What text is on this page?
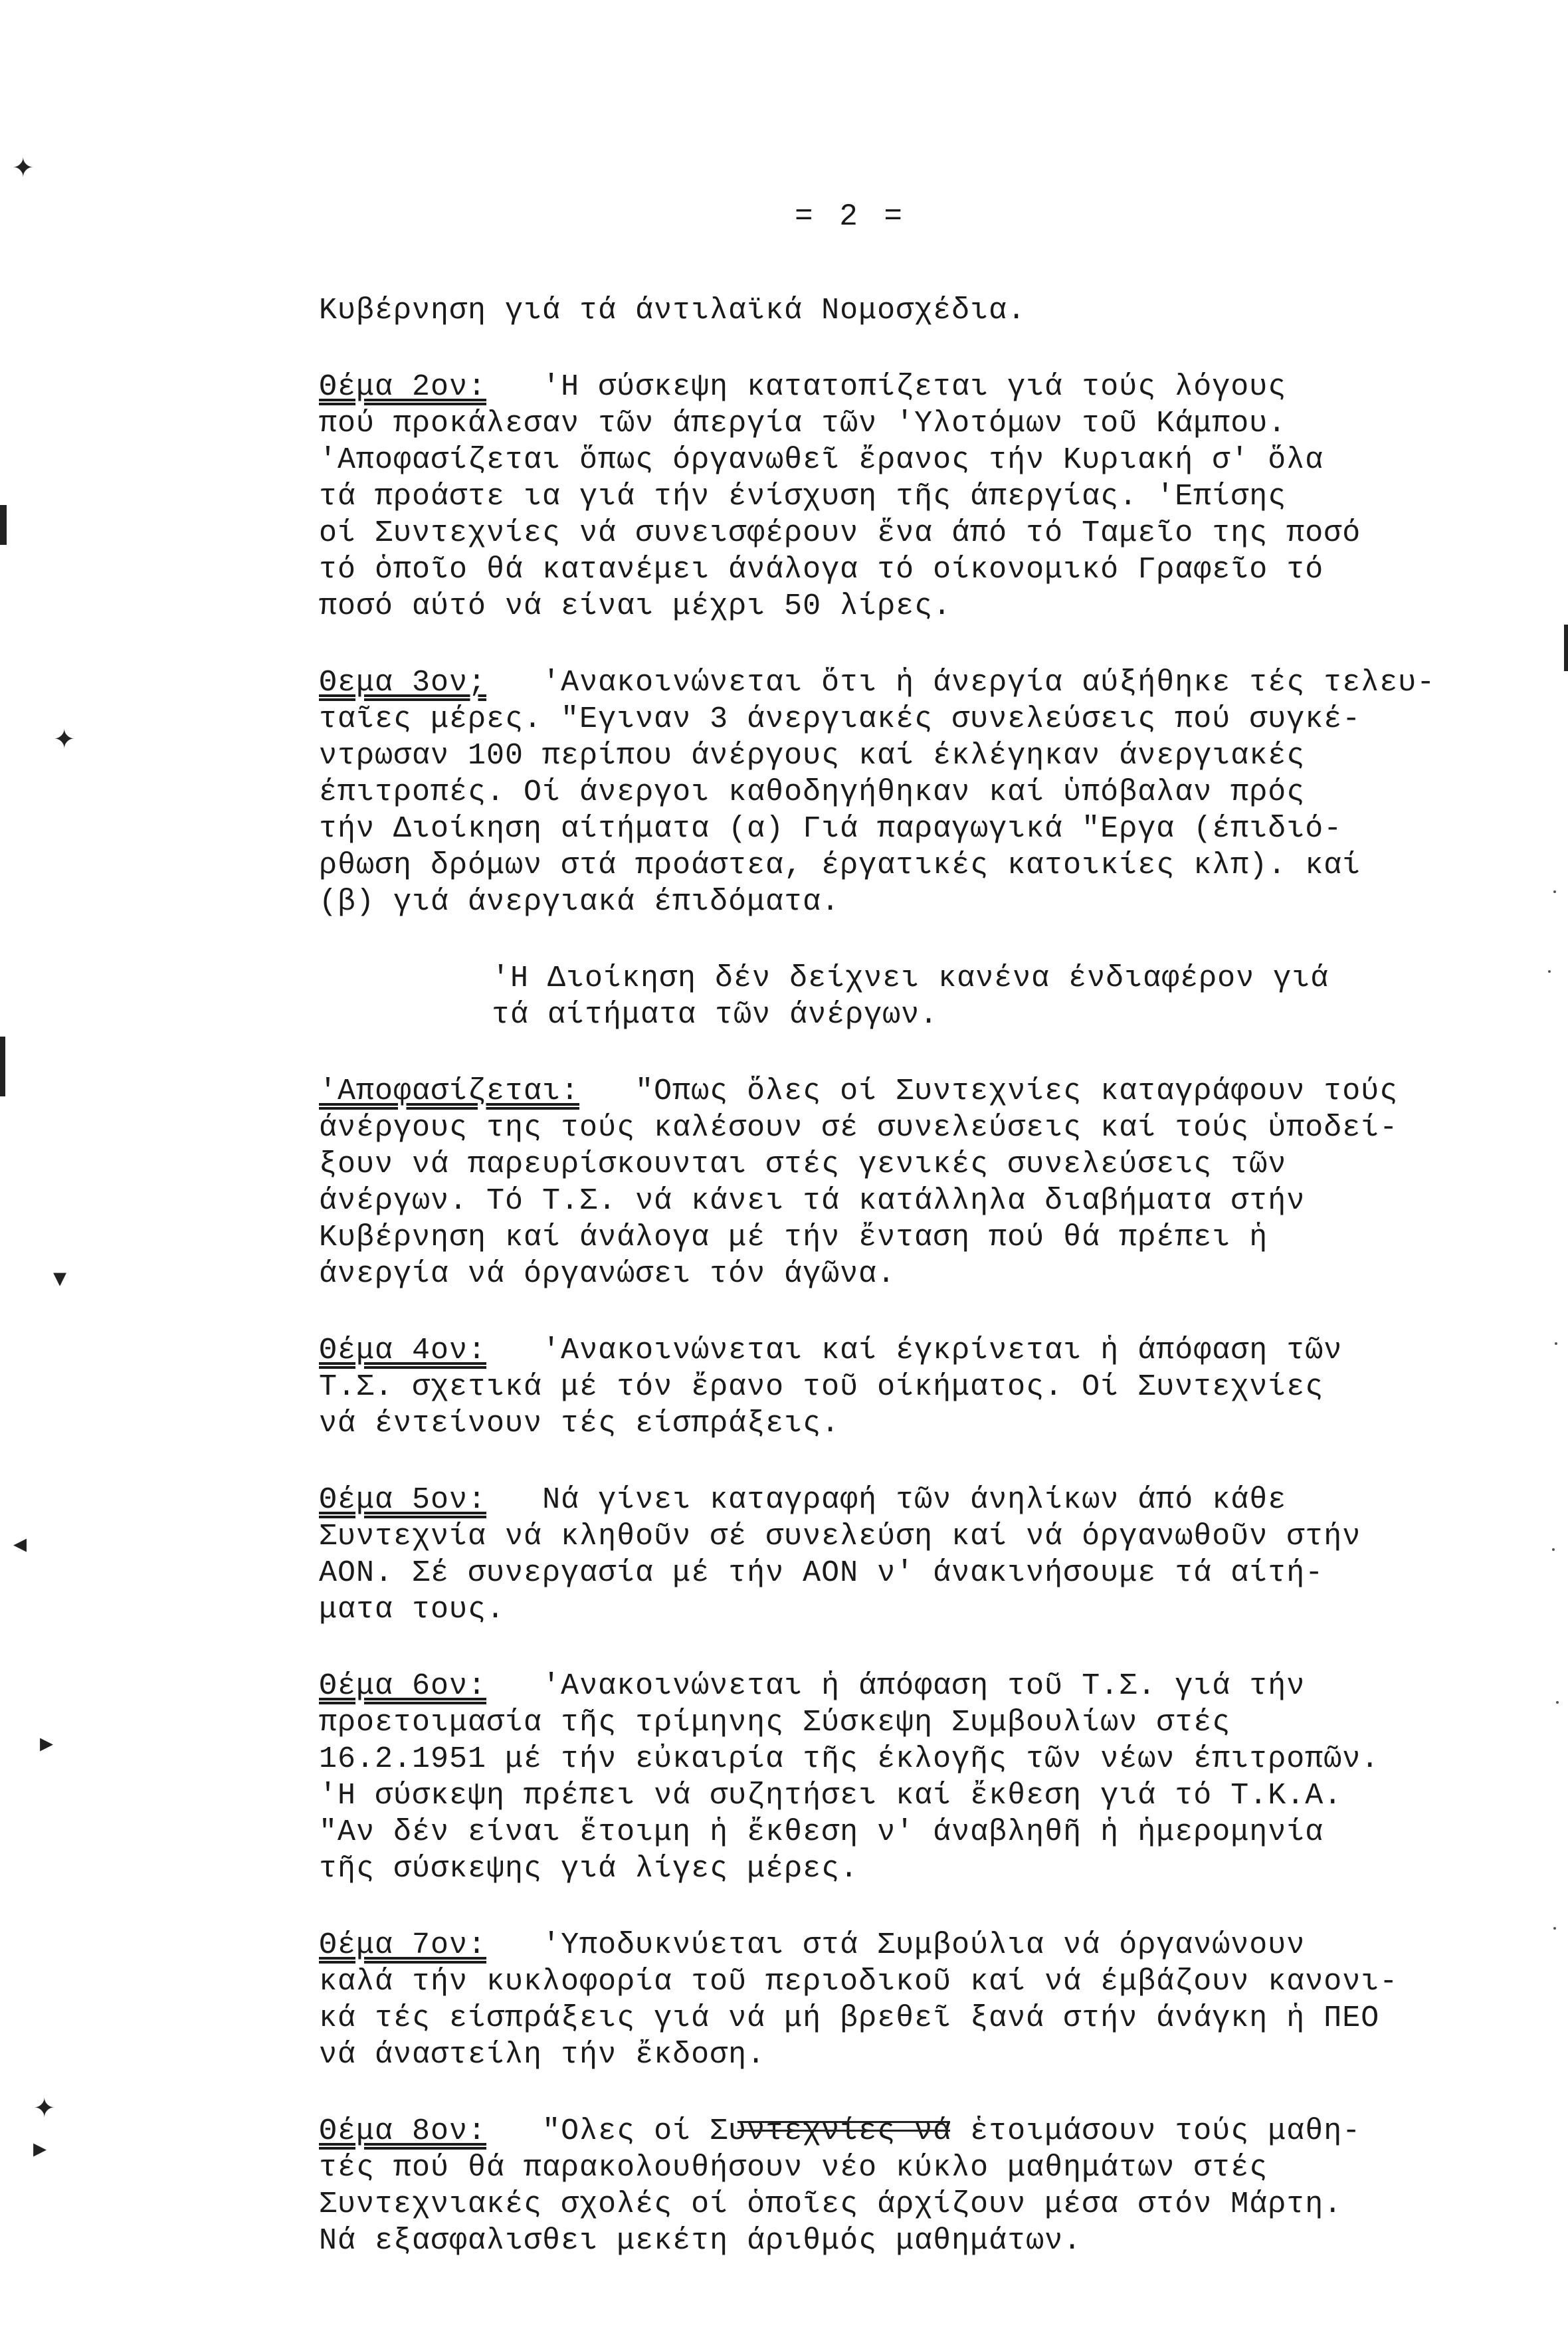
= 2 =

Κυβέρνηση γιά τά άντιλαϊκά Νομοσχέδια.

Θέμα 2ον: 'Η σύσκεψη κατατοπίζεται γιά τούς λόγους
πού προκάλεσαν τῶν άπεργία τῶν 'Υλοτόμων τοῦ Κάμπου.
'Αποφασίζεται ὅπως όργανωθεῖ ἔρανος τήν Κυριακή σ' ὅλα
τά προάστε ια γιά τήν ένίσχυση τῆς άπεργίας. 'Επίσης
οί Συντεχνίες νά συνεισφέρουν ἕνα άπό τό Ταμεῖο της ποσό
τό ὁποῖο θά κατανέμει άνάλογα τό οίκονομικό Γραφεῖο τό
ποσό αύτό νά είναι μέχρι 50 λίρες.

Θεμα 3ον; 'Ανακοινώνεται ὅτι ἡ άνεργία αύξήθηκε τές τελευ-
ταῖες μέρες. "Εγιναν 3 άνεργιακές συνελεύσεις πού συγκέ-
ντρωσαν 100 περίπου άνέργους καί έκλέγηκαν άνεργιακές
έπιτροπές. Οί άνεργοι καθοδηγήθηκαν καί ὑπόβαλαν πρός
τήν Διοίκηση αίτήματα (α) Γιά παραγωγικά "Εργα (έπιδιό-
ρθωση δρόμων στά προάστεα, έργατικές κατοικίες κλπ). καί
(β) γιά άνεργιακά έπιδόματα.

'Η Διοίκηση δέν δείχνει κανένα ένδιαφέρον γιά
τά αίτήματα τῶν άνέργων.

'Αποφασίζεται: "Οπως ὅλες οί Συντεχνίες καταγράφουν τούς
άνέργους της τούς καλέσουν σέ συνελεύσεις καί τούς ὑποδεί-
ξουν νά παρευρίσκουνται στές γενικές συνελεύσεις τῶν
άνέργων. Τό Τ.Σ. νά κάνει τά κατάλληλα διαβήματα στήν
Κυβέρνηση καί άνάλογα μέ τήν ἔνταση πού θά πρέπει ἡ
άνεργία νά όργανώσει τόν άγῶνα.

Θέμα 4ον: 'Ανακοινώνεται καί έγκρίνεται ἡ άπόφαση τῶν
Τ.Σ. σχετικά μέ τόν ἔρανο τοῦ οίκήματος. Οί Συντεχνίες
νά έντείνουν τές είσπράξεις.

Θέμα 5ον: Νά γίνει καταγραφή τῶν άνηλίκων άπό κάθε
Συντεχνία νά κληθοῦν σέ συνελεύση καί νά όργανωθοῦν στήν
ΑΟΝ. Σέ συνεργασία μέ τήν ΑΟΝ ν' άνακινήσουμε τά αίτή-
ματα τους.

Θέμα 6ον: 'Ανακοινώνεται ἡ άπόφαση τοῦ Τ.Σ. γιά τήν
προετοιμασία τῆς τρίμηνης Σύσκεψη Συμβουλίων στές
16.2.1951 μέ τήν εὐκαιρία τῆς έκλογῆς τῶν νέων έπιτροπῶν.
'Η σύσκεψη πρέπει νά συζητήσει καί ἔκθεση γιά τό Τ.Κ.Α.
"Αν δέν είναι ἕτοιμη ἡ ἔκθεση ν' άναβληθῆ ἡ ἡμερομηνία
τῆς σύσκεψης γιά λίγες μέρες.

Θέμα 7ον: 'Υποδυκνύεται στά Συμβούλια νά όργανώνουν
καλά τήν κυκλοφορία τοῦ περιοδικοῦ καί νά έμβάζουν κανονι-
κά τές είσπράξεις γιά νά μή βρεθεῖ ξανά στήν άνάγκη ἡ ΠΕΟ
νά άναστείλη τήν ἔκδοση.

Θέμα 8ον: "Ολες οί Συντεχνίες νά ἑτοιμάσουν τούς μαθη-
τές πού θά παρακολουθήσουν νέο κύκλο μαθημάτων στές
Συντεχνιακές σχολές οί ὁποῖες άρχίζουν μέσα στόν Μάρτη.
Νά εξασφαλισθει μεκέτη άριθμός μαθημάτων.

✦
✦
▾
◂
▸
✦
▸
